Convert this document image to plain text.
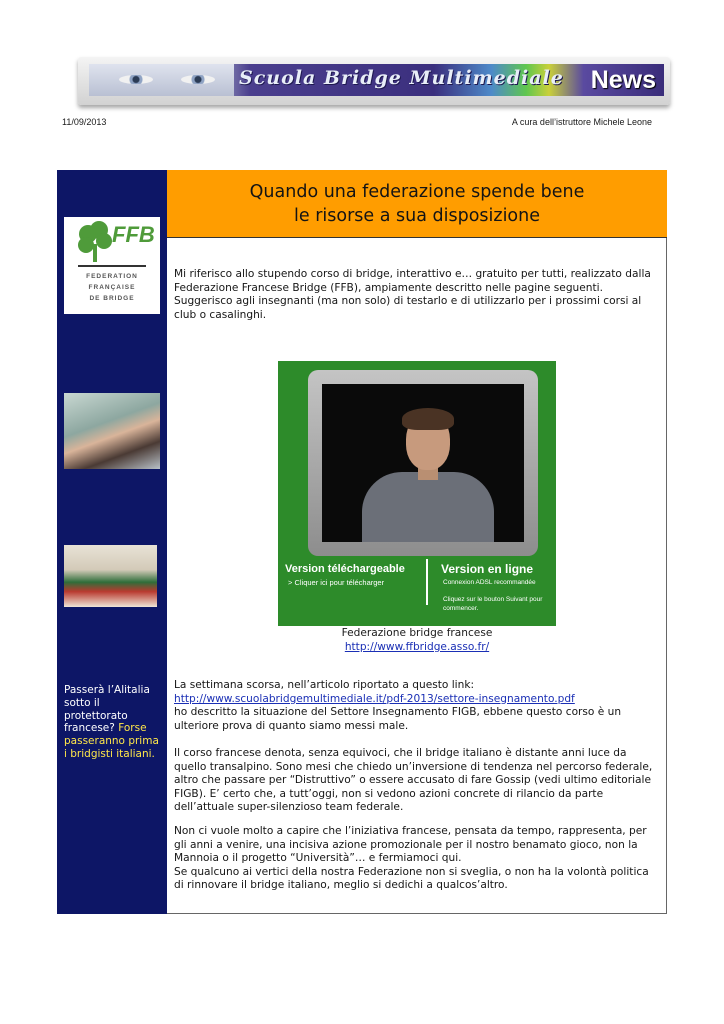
Scuola Bridge Multimediale News
11/09/2013	A cura dell’istruttore Michele Leone
FFB
FEDERATION
FRANÇAISE
DE BRIDGE
Passerà l’Alitalia sotto il protettorato francese? Forse passeranno prima i bridgisti italiani.
Quando una federazione spende bene
le risorse a sua disposizione

Mi riferisco allo stupendo corso di bridge, interattivo e… gratuito per tutti, realizzato dalla Federazione Francese Bridge (FFB), ampiamente descritto nelle pagine seguenti. Suggerisco agli insegnanti (ma non solo) di testarlo e di utilizzarlo per i prossimi corsi al club o casalinghi.

Version téléchargeable
> Cliquer ici pour télécharger
Version en ligne
Connexion ADSL recommandée
Cliquez sur le bouton Suivant pour commencer.
Federazione bridge francese
http://www.ffbridge.asso.fr/

La settimana scorsa, nell’articolo riportato a questo link:
http://www.scuolabridgemultimediale.it/pdf-2013/settore-insegnamento.pdf
ho descritto la situazione del Settore Insegnamento FIGB, ebbene questo corso è un ulteriore prova di quanto siamo messi male.

Il corso francese denota, senza equivoci, che il bridge italiano è distante anni luce da quello transalpino. Sono mesi che chiedo un’inversione di tendenza nel percorso federale, altro che passare per “Distruttivo” o essere accusato di fare Gossip (vedi ultimo editoriale FIGB). E’ certo che, a tutt’oggi, non si vedono azioni concrete di rilancio da parte dell’attuale super-silenzioso team federale.

Non ci vuole molto a capire che l’iniziativa francese, pensata da tempo, rappresenta, per gli anni a venire, una incisiva azione promozionale per il nostro benamato gioco, non la Mannoia o il progetto “Università”… e fermiamoci qui.
Se qualcuno ai vertici della nostra Federazione non si sveglia, o non ha la volontà politica di rinnovare il bridge italiano, meglio si dedichi a qualcos’altro.
